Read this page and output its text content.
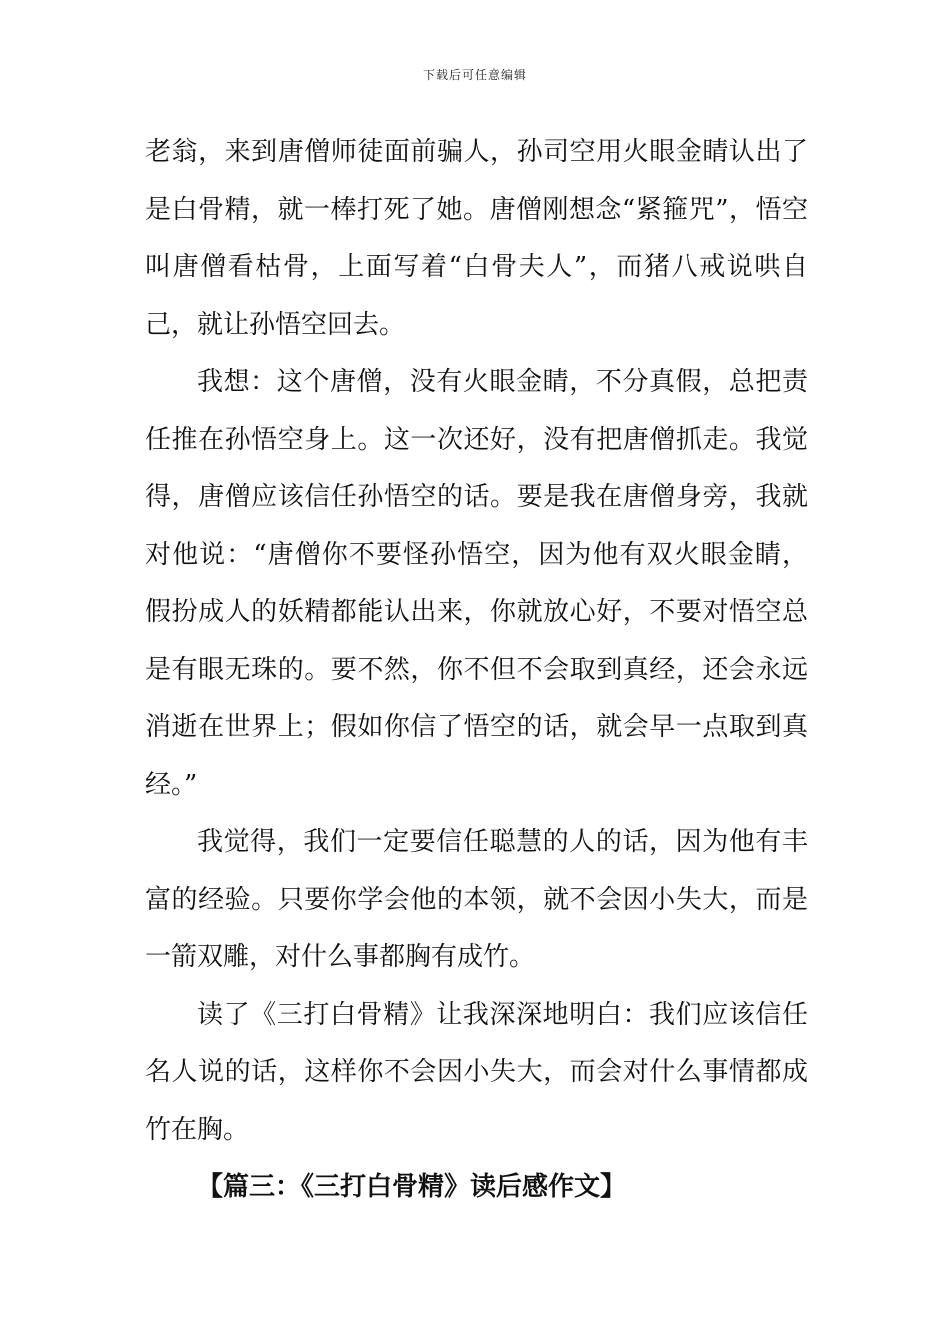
下载后可任意编辑

老翁，来到唐僧师徒面前骗人，孙司空用火眼金睛认出了是白骨精，就一棒打死了她。唐僧刚想念“紧箍咒”，悟空叫唐僧看枯骨，上面写着“白骨夫人”，而猪八戒说哄自己，就让孙悟空回去。

我想：这个唐僧，没有火眼金睛，不分真假，总把责任推在孙悟空身上。这一次还好，没有把唐僧抓走。我觉得，唐僧应该信任孙悟空的话。要是我在唐僧身旁，我就对他说：“唐僧你不要怪孙悟空，因为他有双火眼金睛，假扮成人的妖精都能认出来，你就放心好，不要对悟空总是有眼无珠的。要不然，你不但不会取到真经，还会永远消逝在世界上；假如你信了悟空的话，就会早一点取到真经。”

我觉得，我们一定要信任聪慧的人的话，因为他有丰富的经验。只要你学会他的本领，就不会因小失大，而是一箭双雕，对什么事都胸有成竹。

读了《三打白骨精》让我深深地明白：我们应该信任名人说的话，这样你不会因小失大，而会对什么事情都成竹在胸。

【篇三：《三打白骨精》读后感作文】
